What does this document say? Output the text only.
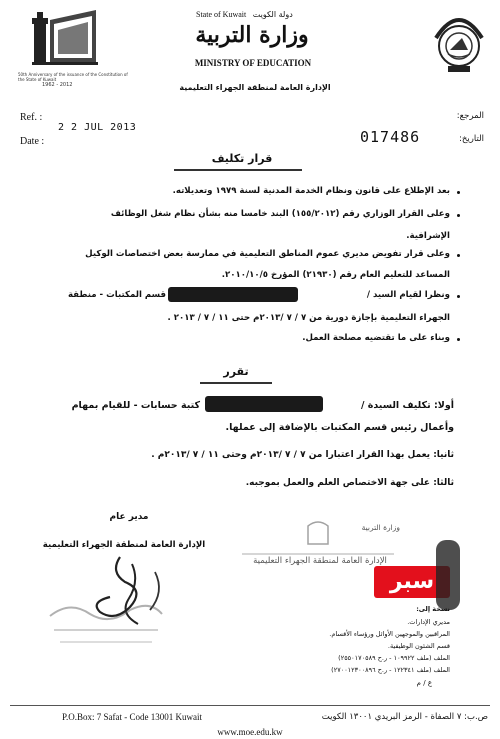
50th Anniversary of the issuance of the Constitution of the State of Kuwait
1962 - 2012
State of Kuwait دولة الكويت
وزارة التربية
MINISTRY OF EDUCATION
الإدارة العامة لمنطقة الجهراء التعليمية
Ref. :
Date :
2 2 JUL 2013
المرجع:
التاريخ:
017486
قرار تكليف
بعد الإطلاع على قانون ونظام الخدمة المدنية لسنة ١٩٧٩ وتعديلاته.
وعلى القرار الوزاري رقم (١٥٥/٢٠١٢) البند خامسا منه بشأن نظام شغل الوظائف
الإشرافية.
وعلى قرار تفويض مديري عموم المناطق التعليمية في ممارسة بعض اختصاصات الوكيل
المساعد للتعليم العام رقم (٢١٩٣٠) المؤرخ ٢٠١٠/١٠/٥.
ونظرا لقيام السيد /
قسم المكتبات - منطقة
الجهراء التعليمية بإجازة دورية من ٧ / ٧ /٢٠١٣م حتى ١١ / ٧ / ٢٠١٣ .
وبناء على ما تقتضيه مصلحة العمل.
تقرر
أولا: تكليف السيدة /
كتبة حسابات - للقيام بمهام
وأعمال رئيس قسم المكتبات بالإضافة إلى عملها.
ثانيا: يعمل بهذا القرار اعتبارا من ٧ / ٧ /٢٠١٣م وحتى ١١ / ٧ /٢٠١٣م .
ثالثا: على جهة الاختصاص العلم والعمل بموجبه.
مدير عام
الإدارة العامة لمنطقة الجهراء التعليمية
وزارة التربية
الإدارة العامة لمنطقة الجهراء التعليمية
سبر
نسخة إلى:
مديري الإدارات.
المراقبين والموجهين الأوائل ورؤساء الأقسام.
قسم الشئون الوظيفية.
الملف (ملف ١٠٩٩٢٢ - ر.ح ٢٥٥٠١٧٠٥٨٩)
الملف (ملف ١٢٢٣٤١ - ر.ح ٢٧٠٠١٢٣٠٠٨٩٦)
ع / م
P.O.Box: 7 Safat - Code 13001 Kuwait	ص.ب: ٧ الصفاة - الرمز البريدي ١٣٠٠١ الكويت
www.moe.edu.kw
